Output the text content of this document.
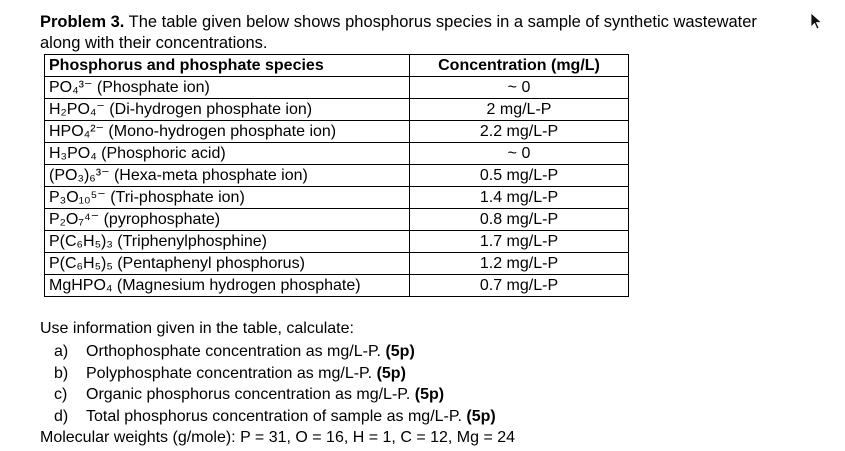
Problem 3. The table given below shows phosphorus species in a sample of synthetic wastewater along with their concentrations.
Phosphorus and phosphate species	Concentration (mg/L)
PO₄³⁻ (Phosphate ion)	~ 0
H₂PO₄⁻ (Di-hydrogen phosphate ion)	2 mg/L-P
HPO₄²⁻ (Mono-hydrogen phosphate ion)	2.2 mg/L-P
H₃PO₄ (Phosphoric acid)	~ 0
(PO₃)₆³⁻ (Hexa-meta phosphate ion)	0.5 mg/L-P
P₃O₁₀⁵⁻ (Tri-phosphate ion)	1.4 mg/L-P
P₂O₇⁴⁻ (pyrophosphate)	0.8 mg/L-P
P(C₆H₅)₃ (Triphenylphosphine)	1.7 mg/L-P
P(C₆H₅)₅ (Pentaphenyl phosphorus)	1.2 mg/L-P
MgHPO₄ (Magnesium hydrogen phosphate)	0.7 mg/L-P
Use information given in the table, calculate:
a)	Orthophosphate concentration as mg/L-P. (5p)
b)	Polyphosphate concentration as mg/L-P. (5p)
c)	Organic phosphorus concentration as mg/L-P. (5p)
d)	Total phosphorus concentration of sample as mg/L-P. (5p)
Molecular weights (g/mole): P = 31, O = 16, H = 1, C = 12, Mg = 24
